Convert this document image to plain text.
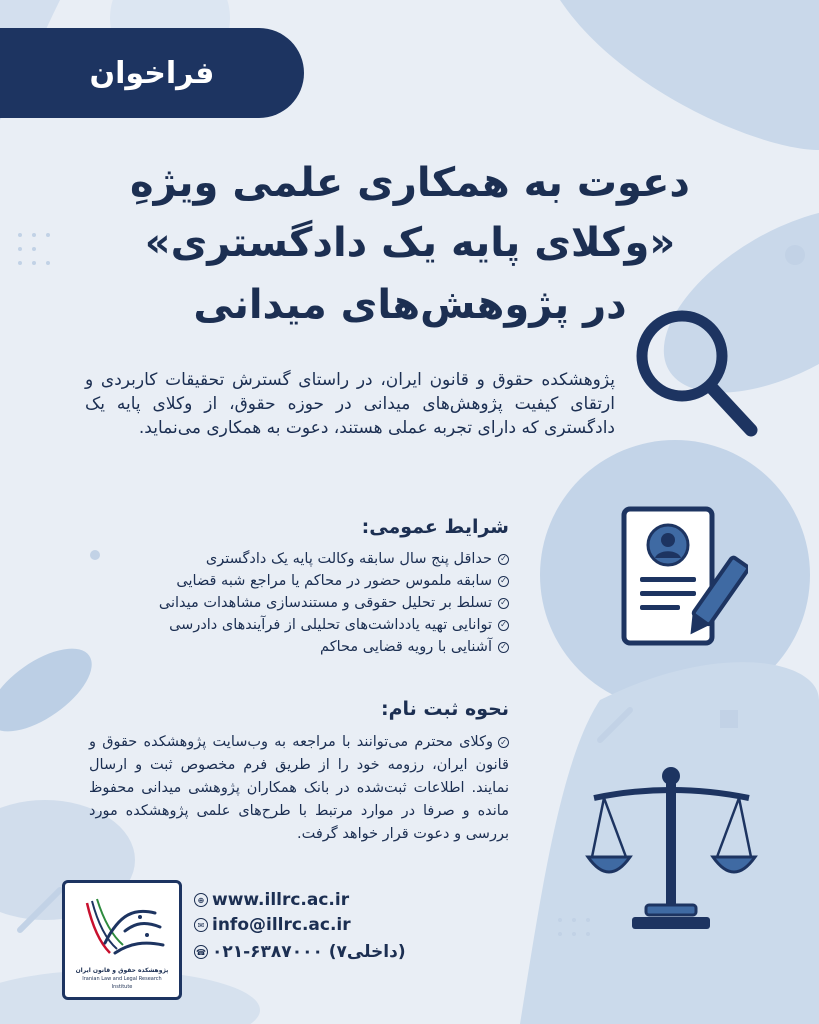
فراخوان
دعوت به همکاری علمی ویژهِ
«وکلای پایه یک دادگستری»
در پژوهش‌های میدانی
پژوهشکده حقوق و قانون ایران، در راستای گسترش تحقیقات کاربردی و ارتقای کیفیت پژوهش‌های میدانی در حوزه حقوق، از وکلای پایه یک دادگستری که دارای تجربه عملی هستند، دعوت به همکاری می‌نماید.
شرایط عمومی:
✓
حداقل پنج سال سابقه وکالت پایه یک دادگستری
✓
سابقه ملموس حضور در محاکم یا مراجع شبه قضایی
✓
تسلط بر تحلیل حقوقی و مستندسازی مشاهدات میدانی
✓
توانایی تهیه یادداشت‌های تحلیلی از فرآیندهای دادرسی
✓
آشنایی با رویه قضایی محاکم
نحوه ثبت نام:
✓وکلای محترم می‌توانند با مراجعه به وب‌سایت پژوهشکده حقوق و قانون ایران، رزومه خود را از طریق فرم مخصوص ثبت و ارسال نمایند. اطلاعات ثبت‌شده در بانک همکاران پژوهشی میدانی محفوظ مانده و صرفا در موارد مرتبط با طرح‌های علمی پژوهشکده مورد بررسی و دعوت قرار خواهد گرفت.
پژوهشکده حقوق و قانون ایران
Iranian Law and Legal Research Institute
⊕ www.illrc.ac.ir
✉ info@illrc.ac.ir
☎ ۰۲۱-۶۳۸۷۰۰۰ (داخلی۷)
